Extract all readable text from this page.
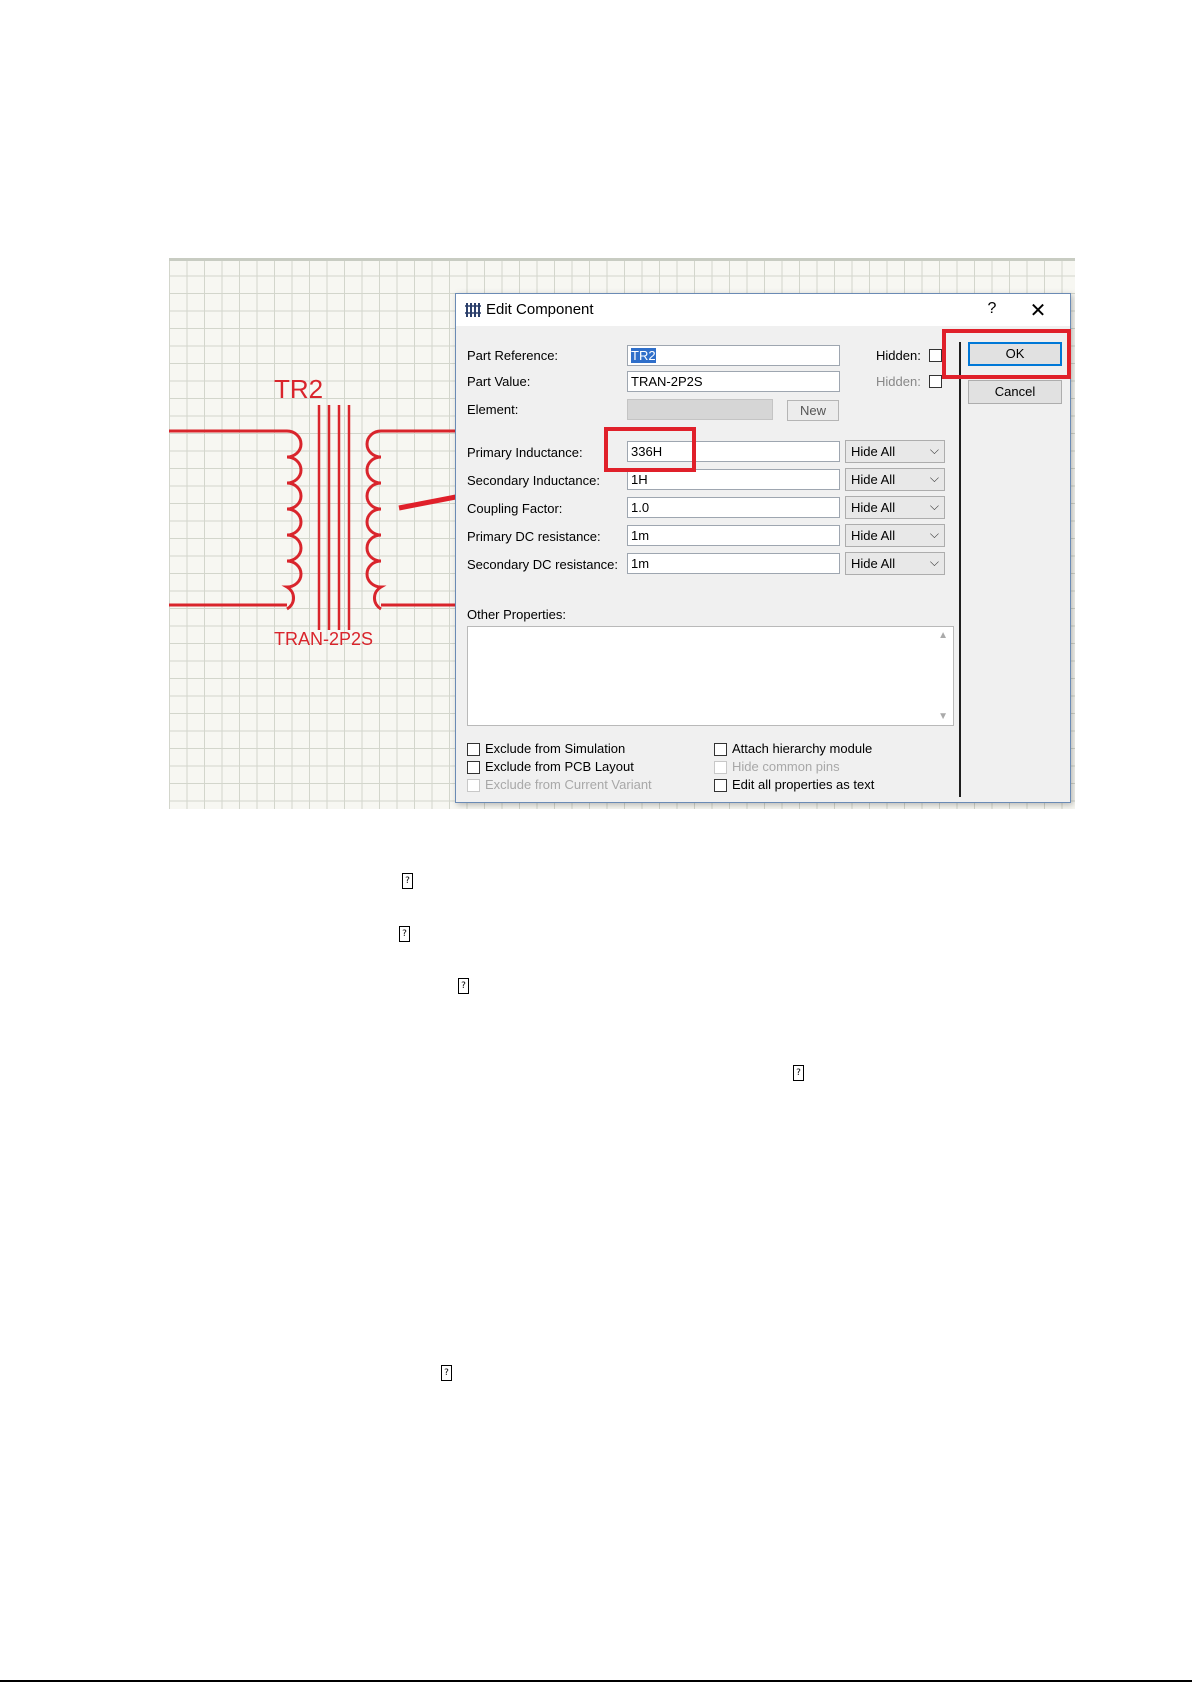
TR2
TRAN-2P2S
Edit Component	? ✕
Part Reference:	TR2	Hidden:
Part Value:	TRAN-2P2S	Hidden:
Element:	New
Primary Inductance:	336H	Hide All	⌵
Secondary Inductance:	1H	Hide All	⌵
Coupling Factor:	1.0	Hide All	⌵
Primary DC resistance:	1m	Hide All	⌵
Secondary DC resistance: 1m	Hide All	⌵
Other Properties:
▲
▼
Exclude from Simulation
Exclude from PCB Layout
Exclude from Current Variant
Attach hierarchy module
Hide common pins
Edit all properties as text
OK
Cancel
?
?
?
?
?
